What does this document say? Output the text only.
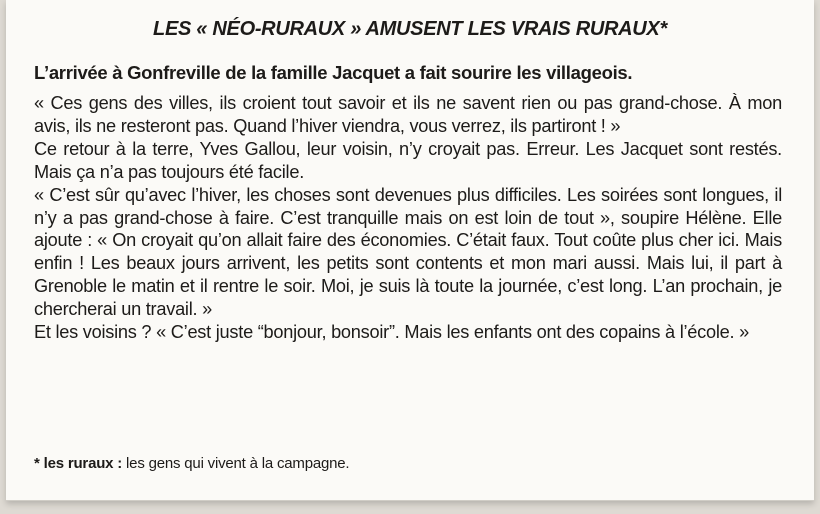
LES « NÉO-RURAUX » AMUSENT LES VRAIS RURAUX*
L’arrivée à Gonfreville de la famille Jacquet a fait sourire les villageois.

« Ces gens des villes, ils croient tout savoir et ils ne savent rien ou pas grand-chose. À mon avis, ils ne resteront pas. Quand l’hiver viendra, vous verrez, ils partiront ! »

Ce retour à la terre, Yves Gallou, leur voisin, n’y croyait pas. Erreur. Les Jacquet sont restés. Mais ça n’a pas toujours été facile.

« C’est sûr qu’avec l’hiver, les choses sont devenues plus difficiles. Les soirées sont longues, il n’y a pas grand-chose à faire. C’est tranquille mais on est loin de tout », soupire Hélène. Elle ajoute : « On croyait qu’on allait faire des économies. C’était faux. Tout coûte plus cher ici. Mais enfin ! Les beaux jours arrivent, les petits sont contents et mon mari aussi. Mais lui, il part à Grenoble le matin et il rentre le soir. Moi, je suis là toute la journée, c’est long. L’an prochain, je chercherai un travail. »

Et les voisins ? « C’est juste “bonjour, bonsoir”. Mais les enfants ont des copains à l’école. »

* les ruraux : les gens qui vivent à la campagne.
